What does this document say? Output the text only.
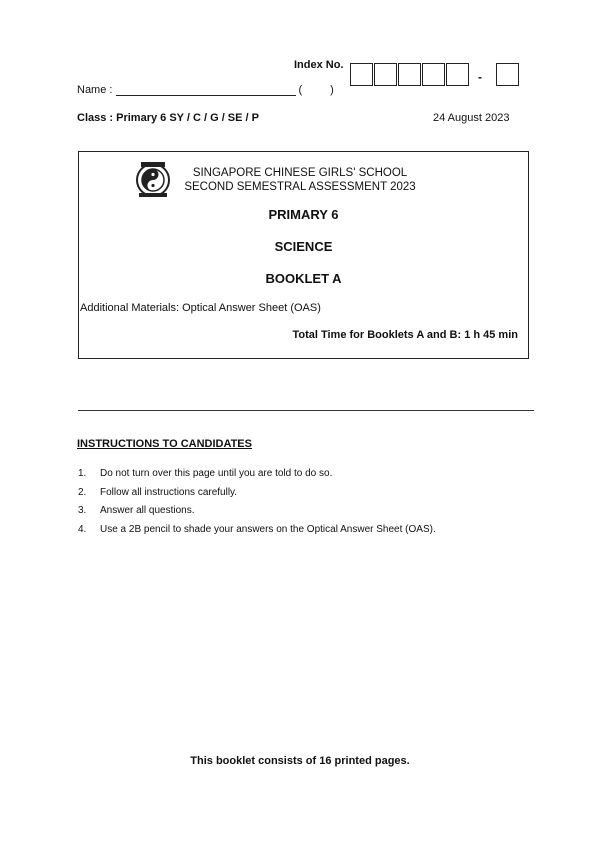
Index No.
-
Name :	(	)
Class : Primary 6 SY / C / G / SE / P	24 August 2023
SINGAPORE CHINESE GIRLS' SCHOOL
SECOND SEMESTRAL ASSESSMENT 2023
PRIMARY 6
SCIENCE
BOOKLET A
Additional Materials: Optical Answer Sheet (OAS)
Total Time for Booklets A and B: 1 h 45 min
INSTRUCTIONS TO CANDIDATES
1.	Do not turn over this page until you are told to do so.
2.	Follow all instructions carefully.
3.	Answer all questions.
4.	Use a 2B pencil to shade your answers on the Optical Answer Sheet (OAS).
This booklet consists of 16 printed pages.
